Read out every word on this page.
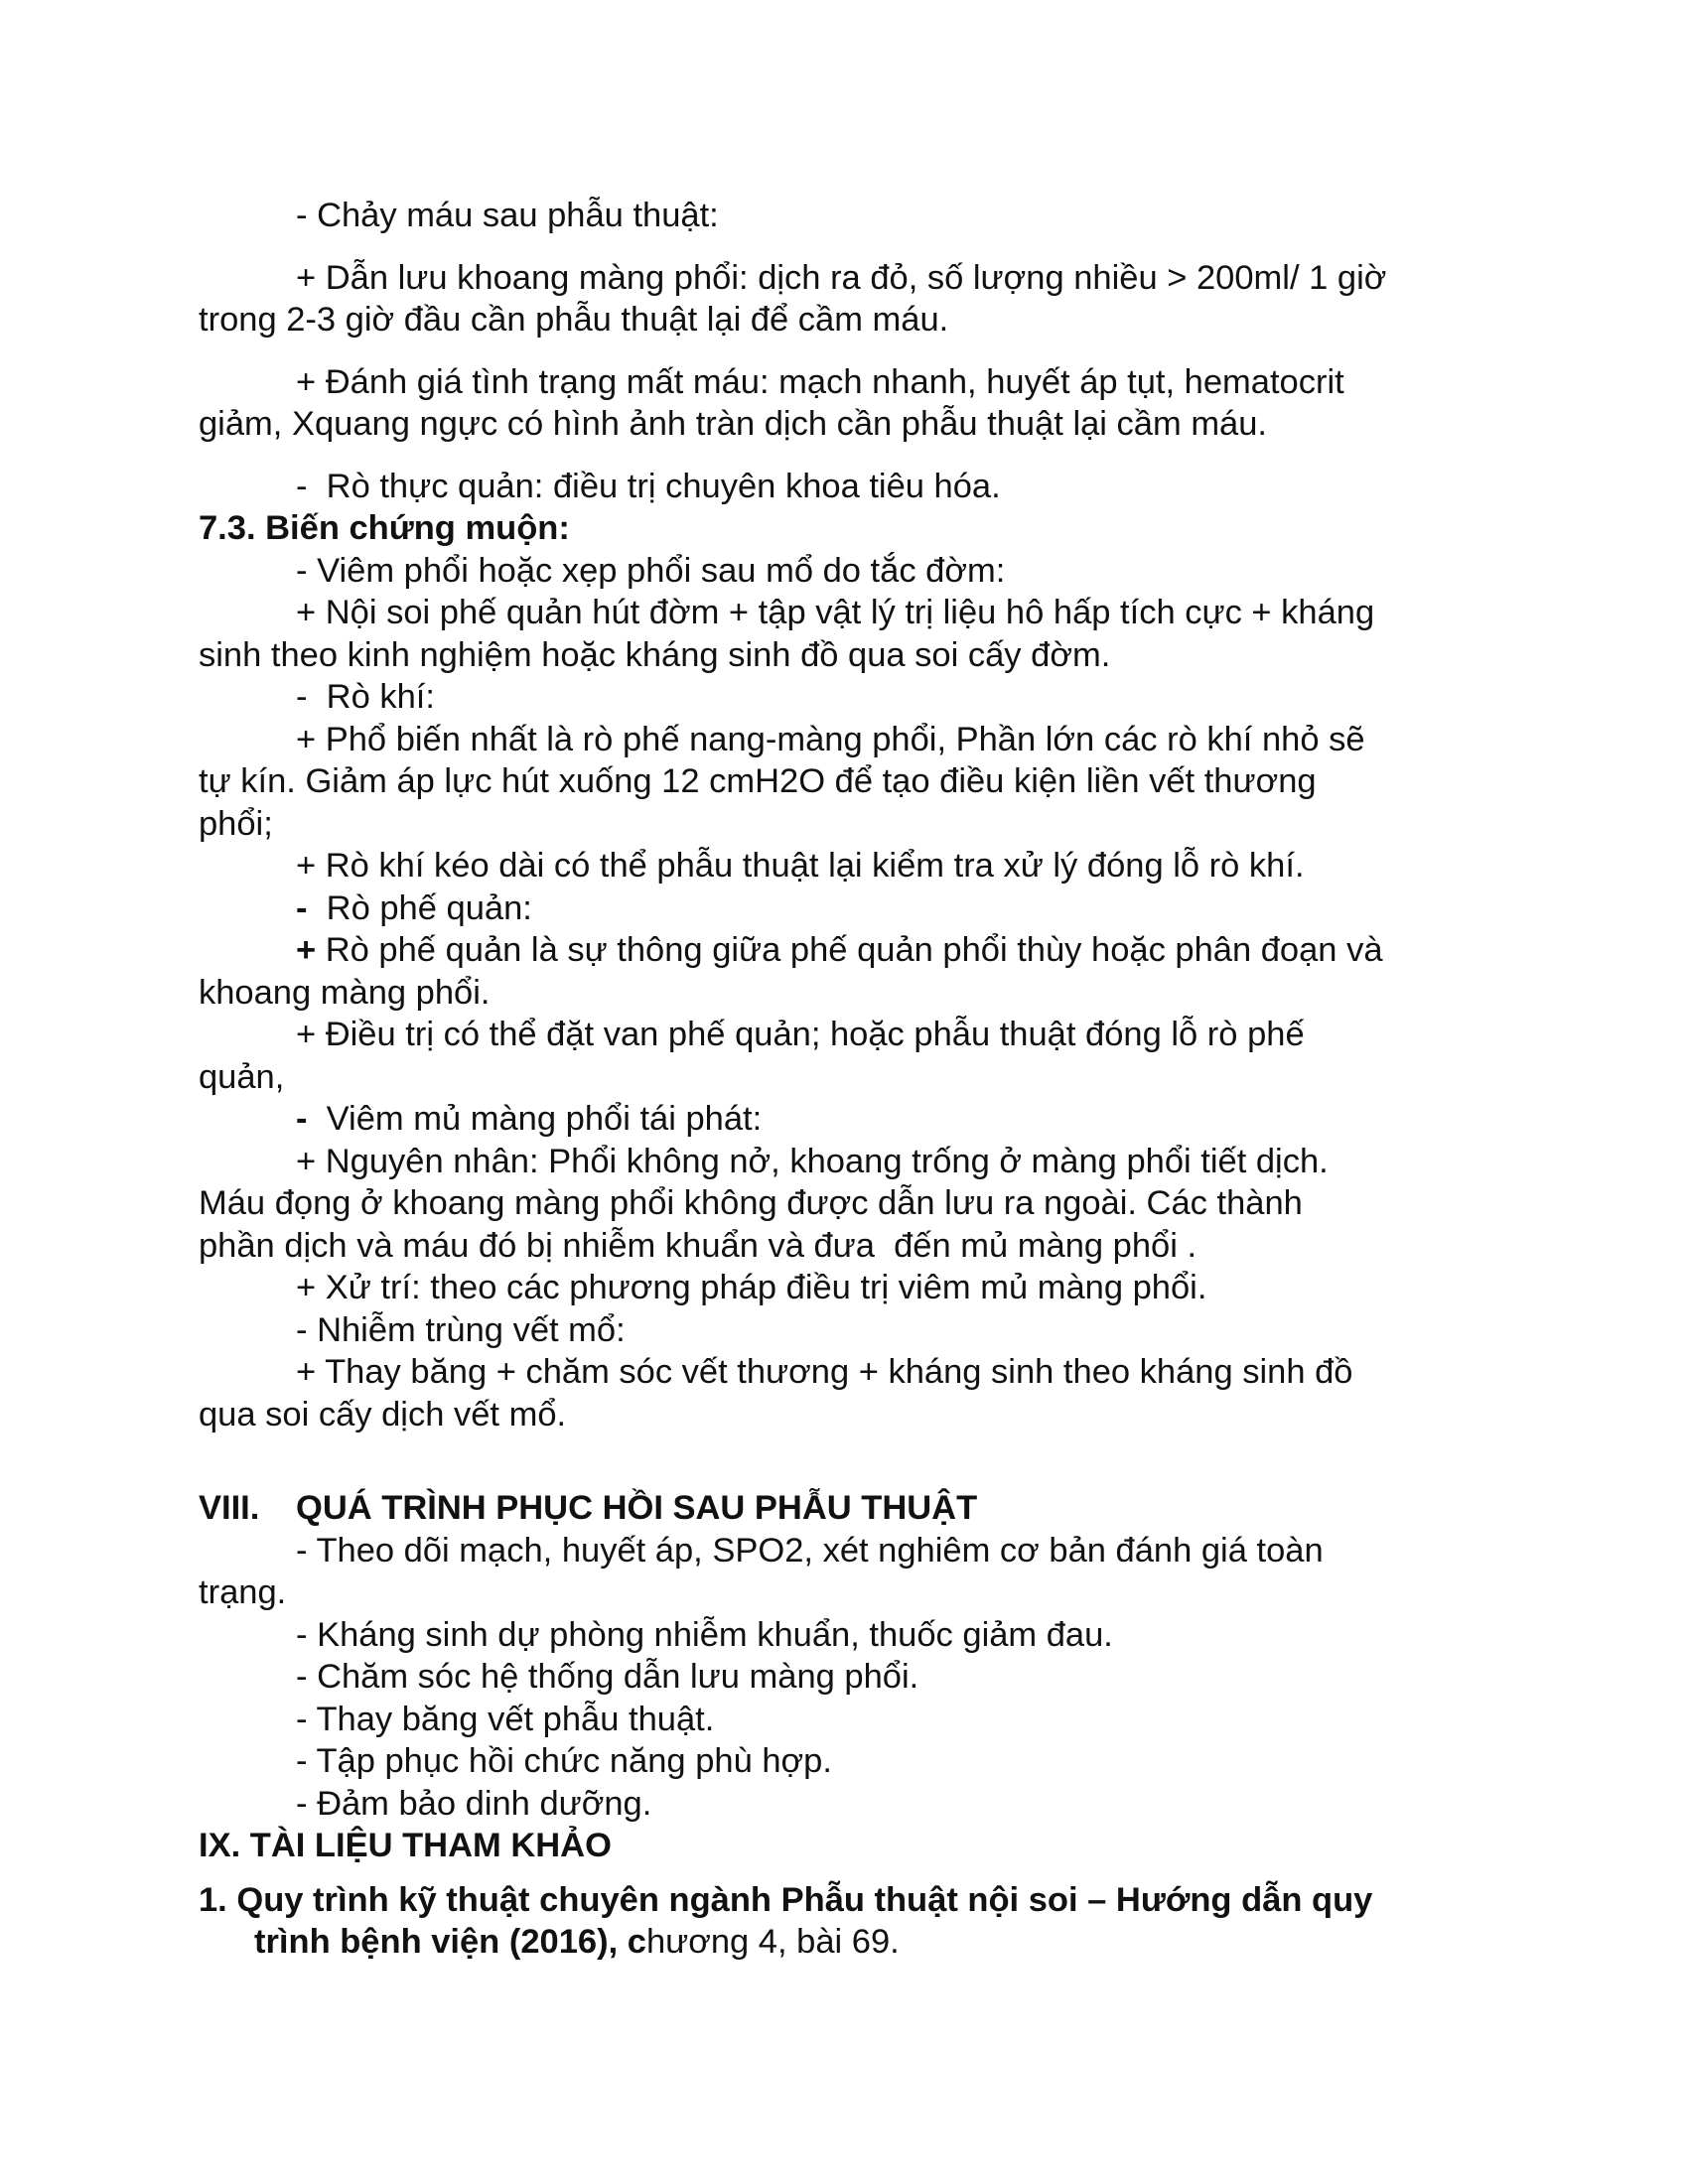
- Chảy máu sau phẫu thuật:

+ Dẫn lưu khoang màng phổi: dịch ra đỏ, số lượng nhiều > 200ml/ 1 giờ

trong 2-3 giờ đầu cần phẫu thuật lại để cầm máu.

+ Đánh giá tình trạng mất máu: mạch nhanh, huyết áp tụt, hematocrit

giảm, Xquang ngực có hình ảnh tràn dịch cần phẫu thuật lại cầm máu.

-  Rò thực quản: điều trị chuyên khoa tiêu hóa.

7.3. Biến chứng muộn:

- Viêm phổi hoặc xẹp phổi sau mổ do tắc đờm:

+ Nội soi phế quản hút đờm + tập vật lý trị liệu hô hấp tích cực + kháng

sinh theo kinh nghiệm hoặc kháng sinh đồ qua soi cấy đờm.

-  Rò khí:

+ Phổ biến nhất là rò phế nang-màng phổi, Phần lớn các rò khí nhỏ sẽ

tự kín. Giảm áp lực hút xuống 12 cmH2O để tạo điều kiện liền vết thương

phổi;

+ Rò khí kéo dài có thể phẫu thuật lại kiểm tra xử lý đóng lỗ rò khí.

-  Rò phế quản:

+ Rò phế quản là sự thông giữa phế quản phổi thùy hoặc phân đoạn và

khoang màng phổi.

+ Điều trị có thể đặt van phế quản; hoặc phẫu thuật đóng lỗ rò phế

quản,

-  Viêm mủ màng phổi tái phát:

+ Nguyên nhân: Phổi không nở, khoang trống ở màng phổi tiết dịch.

Máu đọng ở khoang màng phổi không được dẫn lưu ra ngoài. Các thành

phần dịch và máu đó bị nhiễm khuẩn và đưa  đến mủ màng phổi .

+ Xử trí: theo các phương pháp điều trị viêm mủ màng phổi.

- Nhiễm trùng vết mổ:

+ Thay băng + chăm sóc vết thương + kháng sinh theo kháng sinh đồ

qua soi cấy dịch vết mổ.

VIII. QUÁ TRÌNH PHỤC HỒI SAU PHẪU THUẬT

- Theo dõi mạch, huyết áp, SPO2, xét nghiêm cơ bản đánh giá toàn

trạng.

- Kháng sinh dự phòng nhiễm khuẩn, thuốc giảm đau.

- Chăm sóc hệ thống dẫn lưu màng phổi.

- Thay băng vết phẫu thuật.

- Tập phục hồi chức năng phù hợp.

- Đảm bảo dinh dưỡng.

IX. TÀI LIỆU THAM KHẢO

1. Quy trình kỹ thuật chuyên ngành Phẫu thuật nội soi – Hướng dẫn quy

trình bệnh viện (2016), chương 4, bài 69.
